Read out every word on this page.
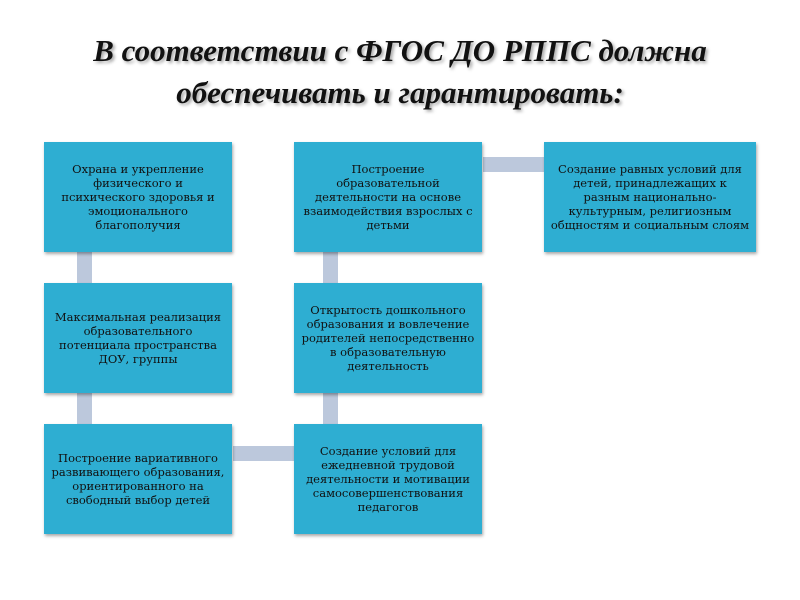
В соответствии с ФГОС ДО РППС должна
обеспечивать и гарантировать:
Охрана и укрепление физического и психического здоровья и эмоционального благополучия
Максимальная реализация образовательного потенциала пространства ДОУ, группы
Построение вариативного развивающего образования, ориентированного на свободный выбор детей
Построение образовательной деятельности на основе взаимодействия взрослых с детьми
Открытость дошкольного образования и вовлечение родителей непосредственно в образовательную деятельность
Создание условий для ежедневной трудовой деятельности и мотивации самосовершенствования педагогов
Создание равных условий для детей, принадлежащих к разным национально-культурным, религиозным общностям и социальным слоям
